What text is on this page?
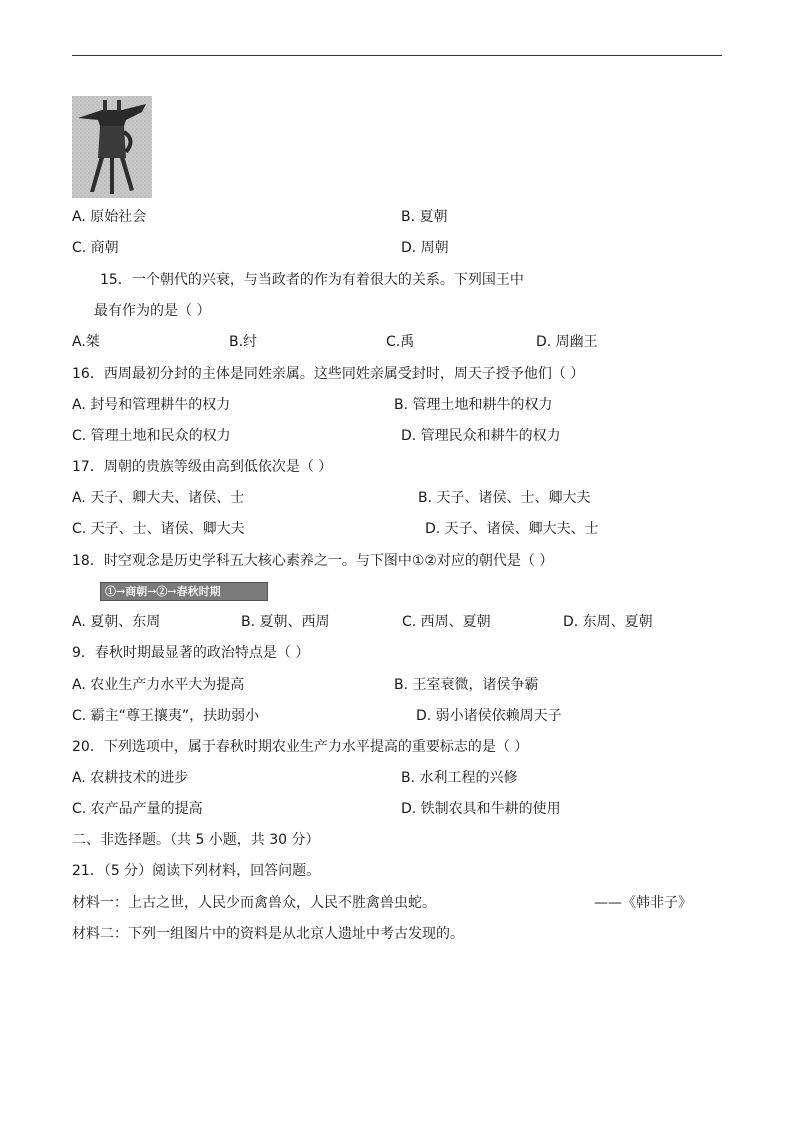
A. 原始社会	B. 夏朝
C. 商朝	D. 周朝
15．一个朝代的兴衰，与当政者的作为有着很大的关系。下列国王中
最有作为的是（ ）
A.桀	B.纣	C.禹	D. 周幽王
16．西周最初分封的主体是同姓亲属。这些同姓亲属受封时，周天子授予他们（ ）
A. 封号和管理耕牛的权力	B. 管理土地和耕牛的权力
C. 管理土地和民众的权力	D. 管理民众和耕牛的权力
17．周朝的贵族等级由高到低依次是（ ）
A. 天子、卿大夫、诸侯、士	B. 天子、诸侯、士、卿大夫
C. 天子、士、诸侯、卿大夫	D. 天子、诸侯、卿大夫、士
18．时空观念是历史学科五大核心素养之一。与下图中①②对应的朝代是（ ）
①→商朝→②→春秋时期
A. 夏朝、东周	B. 夏朝、西周	C. 西周、夏朝	D. 东周、夏朝
9．春秋时期最显著的政治特点是（ ）
A. 农业生产力水平大为提高	B. 王室衰微，诸侯争霸
C. 霸主“尊王攘夷”，扶助弱小	D. 弱小诸侯依赖周天子
20．下列选项中，属于春秋时期农业生产力水平提高的重要标志的是（ ）
A. 农耕技术的进步	B. 水利工程的兴修
C. 农产品产量的提高	D. 铁制农具和牛耕的使用
二、非选择题。（共 5 小题，共 30 分）
21．（5 分）阅读下列材料，回答问题。
材料一：上古之世，人民少而禽兽众，人民不胜禽兽虫蛇。	——《韩非子》
材料二：下列一组图片中的资料是从北京人遗址中考古发现的。
